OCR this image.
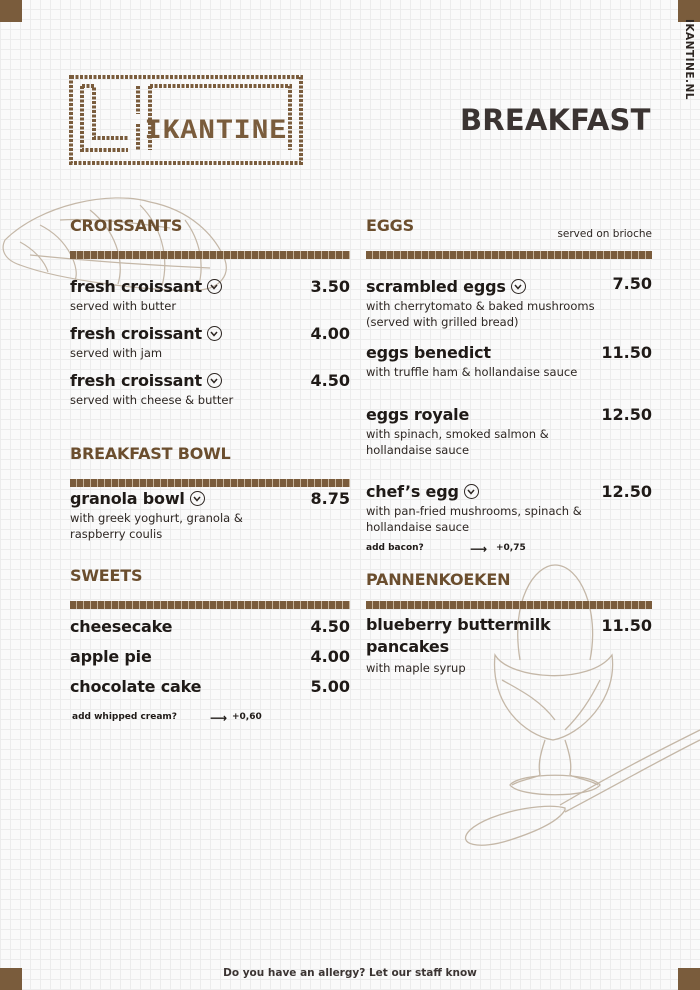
IKANTINE.NL
IKANTINE	BREAKFAST
CROISSANTS
fresh croissant	3.50
served with butter
fresh croissant	4.00
served with jam
fresh croissant	4.50
served with cheese & butter
BREAKFAST BOWL
granola bowl	8.75
with greek yoghurt, granola &
raspberry coulis
SWEETS
cheesecake	4.50
apple pie	4.00
chocolate cake	5.00
add whipped cream?	⟶ +0,60
EGGS	served on brioche
scrambled eggs	7.50
with cherrytomato & baked mushrooms
(served with grilled bread)
eggs benedict	11.50
with truffle ham & hollandaise sauce
eggs royale	12.50
with spinach, smoked salmon &
hollandaise sauce
chef’s egg	12.50
with pan-fried mushrooms, spinach &
hollandaise sauce
add bacon?	⟶ +0,75
PANNENKOEKEN
blueberry buttermilk
pancakes
11.50
with maple syrup
Do you have an allergy? Let our staff know
